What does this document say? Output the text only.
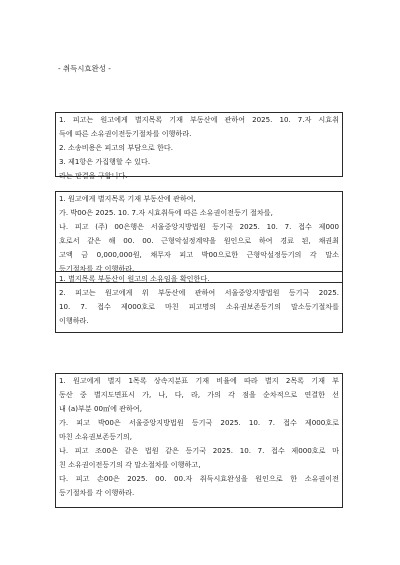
- 취득시효완성 -
1. 피고는 원고에게 별지목록 기재 부동산에 관하여 2025. 10. 7.자 시효취
득에 따른 소유권이전등기절차를 이행하라.
2. 소송비용은 피고의 부담으로 한다.
3. 제1항은 가집행할 수 있다.
라는 판결을 구합니다.
1. 원고에게 별지목록 기재 부동산에 관하여,
가. 박00은 2025. 10. 7.자 시효취득에 따른 소유권이전등기 절차를,
나. 피고 (주) 00은행은 서울중앙지방법원 등기국 2025. 10. 7. 접수 제000
호로서 같은 해 00. 00. 근형악설정계약을 원인으로 하여 경료 된, 채권최
고액 금 0,000,000원, 채무자 피고 박00으로한 근형악설정등기의 각 말소
등기절차를 각 이행하라.
1. 별지목록 부동산이 원고의 소유임을 확인한다.
2. 피고는 원고에게 위 부동산에 관하여 서울중앙지방법원 등기국 2025.
10. 7. 접수 제000호로 마친 피고명의 소유권보존등기의 말소등기절차를
이행하라.
1. 원고에게 별지 1목록 상속지분표 기재 비율에 따라 별지 2목록 기재 부
동산 중 별지도면표시 가, 나, 다, 라, 가의 각 점을 순차적으로 연결한 선
내 (a)부분 00㎡에 관하여,
가. 피고 박00은 서울중앙지방법원 등기국 2025. 10. 7. 접수 제000호로
마친 소유권보존등기의,
나. 피고 조00은 같은 법원 같은 등기국 2025. 10. 7. 접수 제000호로 마
친 소유권이전등기의 각 말소절차를 이행하고,
다. 피고 손00은 2025. 00. 00.자 취득시효완성을 원인으로 한 소유권이전
등기절차를 각 이행하라.
